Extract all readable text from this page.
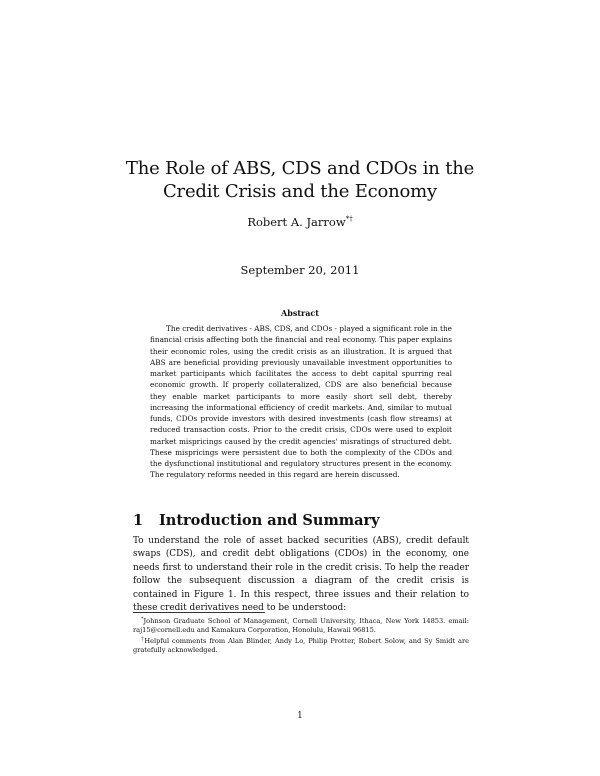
The Role of ABS, CDS and CDOs in the Credit Crisis and the Economy
Robert A. Jarrow*†
September 20, 2011
Abstract
The credit derivatives - ABS, CDS, and CDOs - played a significant role in the financial crisis affecting both the financial and real economy. This paper explains their economic roles, using the credit crisis as an illustration. It is argued that ABS are beneficial providing previously unavailable investment opportunities to market participants which facilitates the access to debt capital spurring real economic growth. If properly collateralized, CDS are also beneficial because they enable market participants to more easily short sell debt, thereby increasing the informational efficiency of credit markets. And, similar to mutual funds, CDOs provide investors with desired investments (cash flow streams) at reduced transaction costs. Prior to the credit crisis, CDOs were used to exploit market mispricings caused by the credit agencies' misratings of structured debt. These mispricings were persistent due to both the complexity of the CDOs and the dysfunctional institutional and regulatory structures present in the economy. The regulatory reforms needed in this regard are herein discussed.
1 Introduction and Summary
To understand the role of asset backed securities (ABS), credit default swaps (CDS), and credit debt obligations (CDOs) in the economy, one needs first to understand their role in the credit crisis. To help the reader follow the subsequent discussion a diagram of the credit crisis is contained in Figure 1. In this respect, three issues and their relation to these credit derivatives need to be understood:

*Johnson Graduate School of Management, Cornell University, Ithaca, New York 14853. email: raj15@cornell.edu and Kamakura Corporation, Honolulu, Hawaii 96815.

†Helpful comments from Alan Blinder, Andy Lo, Philip Protter, Robert Solow, and Sy Smidt are gratefully acknowledged.

1
